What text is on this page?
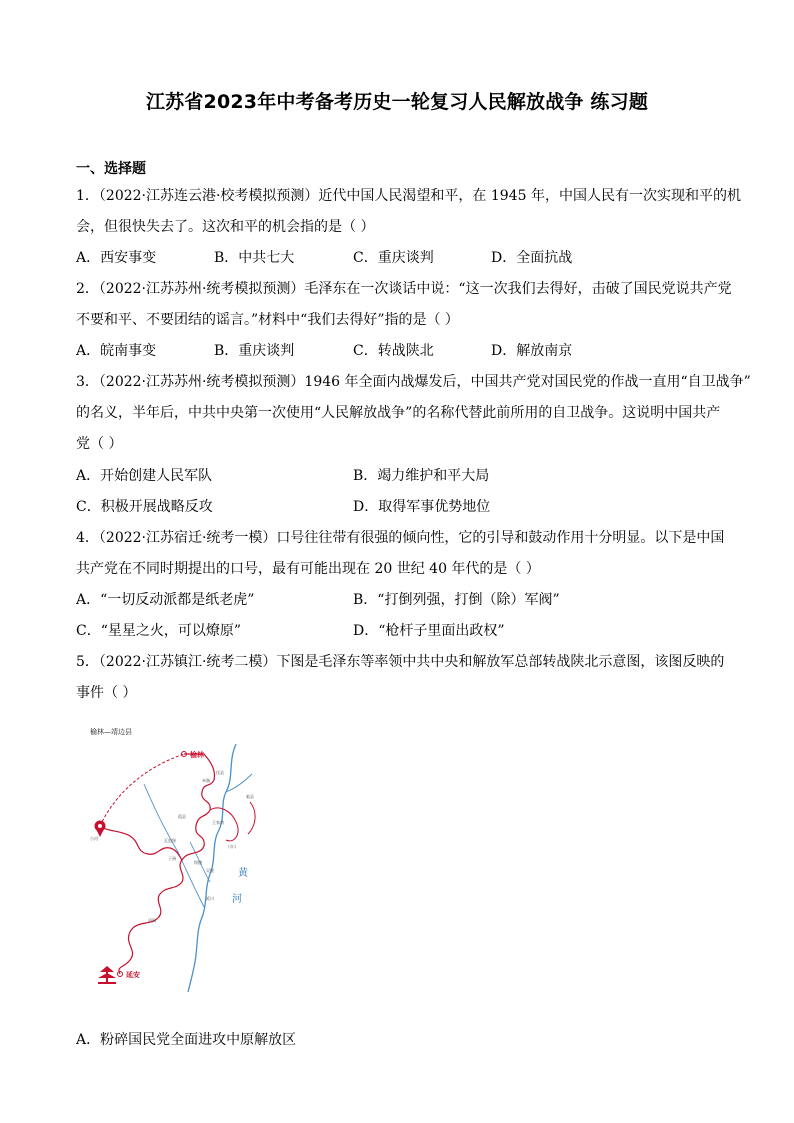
江苏省2023年中考备考历史一轮复习人民解放战争 练习题
一、选择题
1．（2022·江苏连云港·校考模拟预测）近代中国人民渴望和平，在 1945 年，中国人民有一次实现和平的机
会，但很快失去了。这次和平的机会指的是（ ）
A．西安事变	B．中共七大	C．重庆谈判	D．全面抗战
2．（2022·江苏苏州·统考模拟预测）毛泽东在一次谈话中说：“这一次我们去得好，击破了国民党说共产党
不要和平、不要团结的谣言。”材料中“我们去得好”指的是（ ）
A．皖南事变	B．重庆谈判	C．转战陕北	D．解放南京
3．（2022·江苏苏州·统考模拟预测）1946 年全面内战爆发后，中国共产党对国民党的作战一直用“自卫战争”
的名义，半年后，中共中央第一次使用“人民解放战争”的名称代替此前所用的自卫战争。这说明中国共产
党（ ）
A．开始创建人民军队	B．竭力维护和平大局
C．积极开展战略反攻	D．取得军事优势地位
4．（2022·江苏宿迁·统考一模）口号往往带有很强的倾向性，它的引导和鼓动作用十分明显。以下是中国
共产党在不同时期提出的口号，最有可能出现在 20 世纪 40 年代的是（ ）
A．“一切反动派都是纸老虎”	B．“打倒列强，打倒（除）军阀”
C．“星星之火，可以燎原”	D．“枪杆子里面出政权”
5．（2022·江苏镇江·统考二模）下图是毛泽东等率领中共中央和解放军总部转战陕北示意图，该图反映的
事件（ ）
榆林—靖边县
榆林
延安
黄
河
佳县
临县
米脂
葭县
绥德
清涧
子洲
瓦窑堡
吴堡
川口
王家湾
小河
延川
A．粉碎国民党全面进攻中原解放区
